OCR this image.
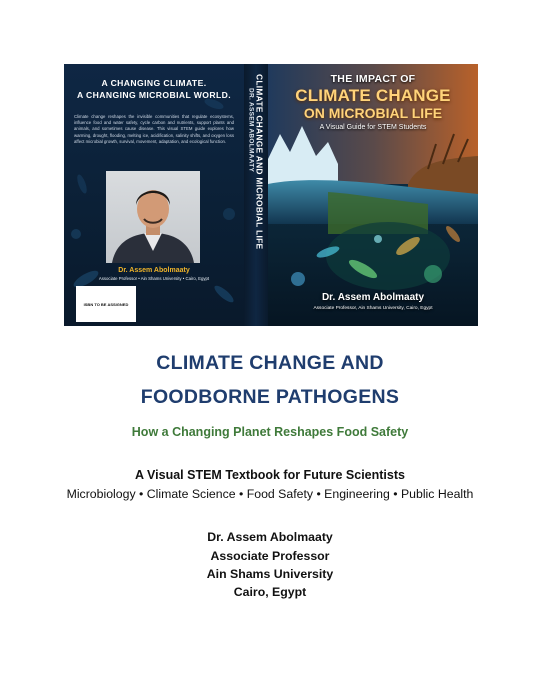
A CHANGING CLIMATE.
A CHANGING MICROBIAL WORLD.
Climate change reshapes the invisible communities that regulate ecosystems, influence food and water safety, cycle carbon and nutrients, support plants and animals, and sometimes cause disease. This visual STEM guide explores how warming, drought, flooding, melting ice, acidification, salinity shifts, and oxygen loss affect microbial growth, survival, movement, adaptation, and ecological function.
Dr. Assem Abolmaaty
Associate Professor • Ain Shams University • Cairo, Egypt
ISBN TO BE ASSIGNED
CLIMATE CHANGE AND MICROBIAL LIFE
DR. ASSEM ABOLMAATY
THE IMPACT OF
CLIMATE CHANGE
ON MICROBIAL LIFE
A Visual Guide for STEM Students
Dr. Assem Abolmaaty
Associate Professor, Ain Shams University, Cairo, Egypt
CLIMATE CHANGE AND
FOODBORNE PATHOGENS

How a Changing Planet Reshapes Food Safety

A Visual STEM Textbook for Future Scientists

Microbiology • Climate Science • Food Safety • Engineering • Public Health

Dr. Assem Abolmaaty

Associate Professor

Ain Shams University

Cairo, Egypt
